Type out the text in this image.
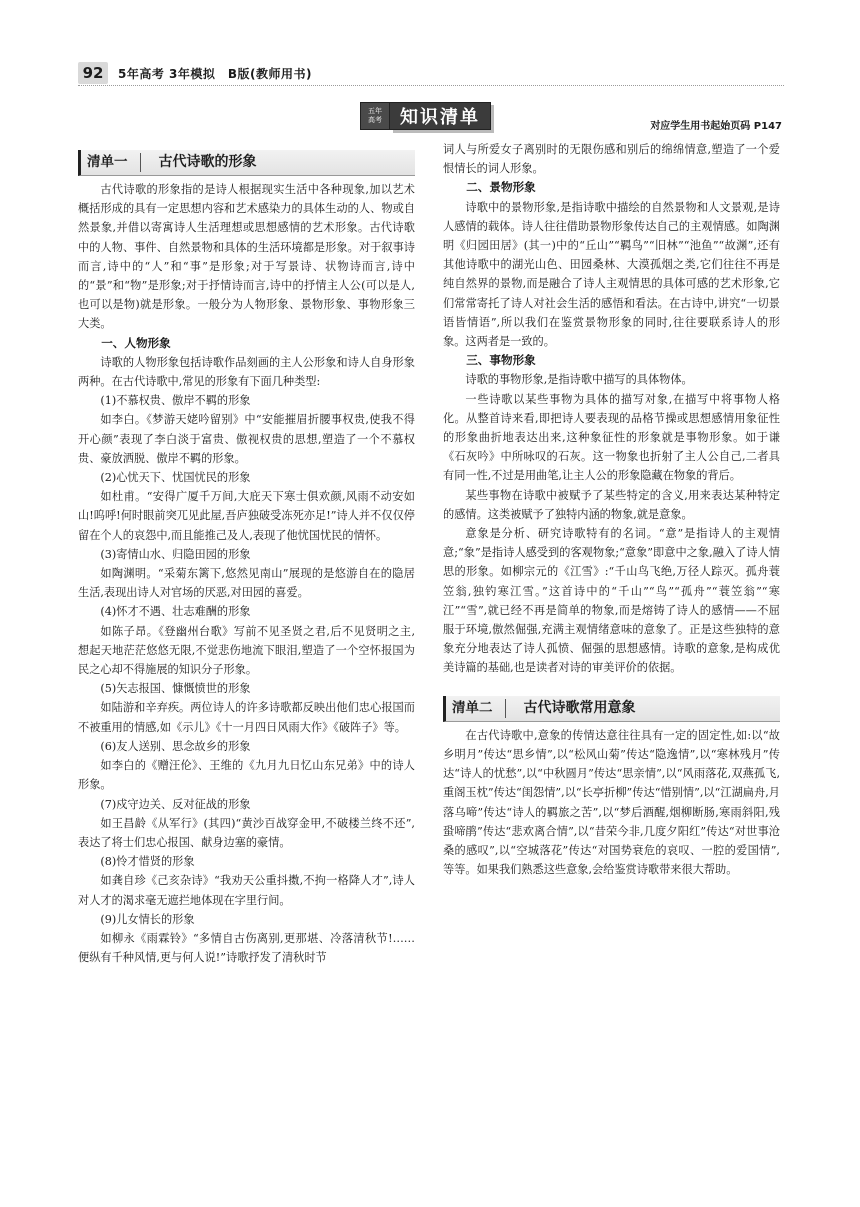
92	5年高考 3年模拟　B版(教师用书)
五年
高考	知识清单	对应学生用书起始页码 P147
清单一	古代诗歌的形象

古代诗歌的形象指的是诗人根据现实生活中各种现象,加以艺术概括形成的具有一定思想内容和艺术感染力的具体生动的人、物或自然景象,并借以寄寓诗人生活理想或思想感情的艺术形象。古代诗歌中的人物、事件、自然景物和具体的生活环境都是形象。对于叙事诗而言,诗中的“人”和“事”是形象;对于写景诗、状物诗而言,诗中的“景”和“物”是形象;对于抒情诗而言,诗中的抒情主人公(可以是人,也可以是物)就是形象。一般分为人物形象、景物形象、事物形象三大类。

一、人物形象

诗歌的人物形象包括诗歌作品刻画的主人公形象和诗人自身形象两种。在古代诗歌中,常见的形象有下面几种类型:

(1)不慕权贵、傲岸不羁的形象

如李白。《梦游天姥吟留别》中“安能摧眉折腰事权贵,使我不得开心颜”表现了李白淡于富贵、傲视权贵的思想,塑造了一个不慕权贵、豪放洒脱、傲岸不羁的形象。

(2)心忧天下、忧国忧民的形象

如杜甫。“安得广厦千万间,大庇天下寒士俱欢颜,风雨不动安如山!呜呼!何时眼前突兀见此屋,吾庐独破受冻死亦足!”诗人并不仅仅停留在个人的哀怨中,而且能推己及人,表现了他忧国忧民的情怀。

(3)寄情山水、归隐田园的形象

如陶渊明。“采菊东篱下,悠然见南山”展现的是悠游自在的隐居生活,表现出诗人对官场的厌恶,对田园的喜爱。

(4)怀才不遇、壮志难酬的形象

如陈子昂。《登幽州台歌》写前不见圣贤之君,后不见贤明之主,想起天地茫茫悠悠无限,不觉悲伤地流下眼泪,塑造了一个空怀报国为民之心却不得施展的知识分子形象。

(5)矢志报国、慷慨愤世的形象

如陆游和辛弃疾。两位诗人的许多诗歌都反映出他们忠心报国而不被重用的情感,如《示儿》《十一月四日风雨大作》《破阵子》等。

(6)友人送别、思念故乡的形象

如李白的《赠汪伦》、王维的《九月九日忆山东兄弟》中的诗人形象。

(7)戍守边关、反对征战的形象

如王昌龄《从军行》(其四)“黄沙百战穿金甲,不破楼兰终不还”,表达了将士们忠心报国、献身边塞的豪情。

(8)怜才惜贤的形象

如龚自珍《己亥杂诗》“我劝天公重抖擞,不拘一格降人才”,诗人对人才的渴求毫无遮拦地体现在字里行间。

(9)儿女情长的形象

如柳永《雨霖铃》“多情自古伤离别,更那堪、冷落清秋节!……便纵有千种风情,更与何人说!”诗歌抒发了清秋时节

词人与所爱女子离别时的无限伤感和别后的绵绵情意,塑造了一个爱恨情长的词人形象。

二、景物形象

诗歌中的景物形象,是指诗歌中描绘的自然景物和人文景观,是诗人感情的载体。诗人往往借助景物形象传达自己的主观情感。如陶渊明《归园田居》(其一)中的“丘山”“羁鸟”“旧林”“池鱼”“故渊”,还有其他诗歌中的湖光山色、田园桑林、大漠孤烟之类,它们往往不再是纯自然界的景物,而是融合了诗人主观情思的具体可感的艺术形象,它们常常寄托了诗人对社会生活的感悟和看法。在古诗中,讲究“一切景语皆情语”,所以我们在鉴赏景物形象的同时,往往要联系诗人的形象。这两者是一致的。

三、事物形象

诗歌的事物形象,是指诗歌中描写的具体物体。

一些诗歌以某些事物为具体的描写对象,在描写中将事物人格化。从整首诗来看,即把诗人要表现的品格节操或思想感情用象征性的形象曲折地表达出来,这种象征性的形象就是事物形象。如于谦《石灰吟》中所咏叹的石灰。这一物象也折射了主人公自己,二者具有同一性,不过是用曲笔,让主人公的形象隐藏在物象的背后。

某些事物在诗歌中被赋予了某些特定的含义,用来表达某种特定的感情。这类被赋予了独特内涵的物象,就是意象。

意象是分析、研究诗歌特有的名词。“意”是指诗人的主观情意;“象”是指诗人感受到的客观物象;“意象”即意中之象,融入了诗人情思的形象。如柳宗元的《江雪》:“千山鸟飞绝,万径人踪灭。孤舟蓑笠翁,独钓寒江雪。”这首诗中的“千山”“鸟”“孤舟”“蓑笠翁”“寒江”“雪”,就已经不再是简单的物象,而是熔铸了诗人的感情——不屈服于环境,傲然倔强,充满主观情绪意味的意象了。正是这些独特的意象充分地表达了诗人孤愤、倔强的思想感情。诗歌的意象,是构成优美诗篇的基础,也是读者对诗的审美评价的依据。

清单二	古代诗歌常用意象

在古代诗歌中,意象的传情达意往往具有一定的固定性,如:以“故乡明月”传达“思乡情”,以“松风山菊”传达“隐逸情”,以“寒林残月”传达“诗人的忧愁”,以“中秋圆月”传达“思亲情”,以“风雨落花,双燕孤飞,重阁玉枕”传达“闺怨情”,以“长亭折柳”传达“惜别情”,以“江湖扁舟,月落乌啼”传达“诗人的羁旅之苦”,以“梦后酒醒,烟柳断肠,寒雨斜阳,残蛩啼鹃”传达“悲欢离合情”,以“昔荣今非,几度夕阳红”传达“对世事沧桑的感叹”,以“空城落花”传达“对国势衰危的哀叹、一腔的爱国情”,等等。如果我们熟悉这些意象,会给鉴赏诗歌带来很大帮助。
